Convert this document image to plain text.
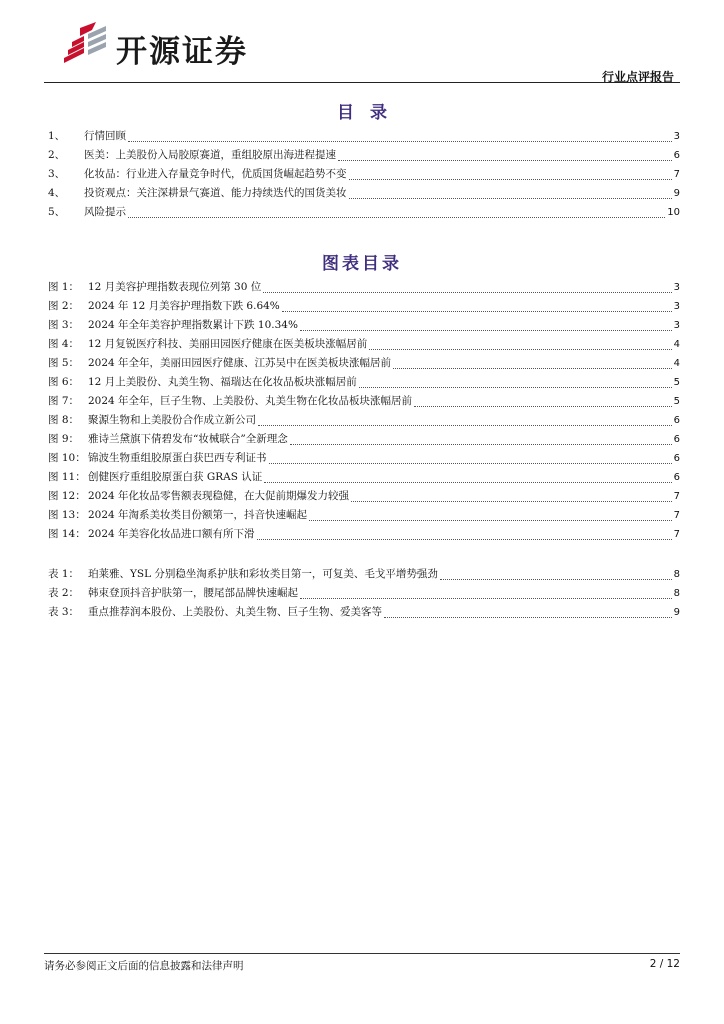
开源证券
行业点评报告
目录
1、	行情回顾	3
2、	医美：上美股份入局胶原赛道，重组胶原出海进程提速	6
3、	化妆品：行业进入存量竞争时代，优质国货崛起趋势不变	7
4、	投资观点：关注深耕景气赛道、能力持续迭代的国货美妆	9
5、	风险提示	10
图表目录
图 1： 12 月美容护理指数表现位列第 30 位	3
图 2： 2024 年 12 月美容护理指数下跌 6.64%	3
图 3： 2024 年全年美容护理指数累计下跌 10.34%	3
图 4： 12 月复锐医疗科技、美丽田园医疗健康在医美板块涨幅居前	4
图 5： 2024 年全年，美丽田园医疗健康、江苏吴中在医美板块涨幅居前	4
图 6： 12 月上美股份、丸美生物、福瑞达在化妆品板块涨幅居前	5
图 7： 2024 年全年，巨子生物、上美股份、丸美生物在化妆品板块涨幅居前	5
图 8： 聚源生物和上美股份合作成立新公司	6
图 9： 雅诗兰黛旗下倩碧发布“妆械联合”全新理念	6
图 10： 锦波生物重组胶原蛋白获巴西专利证书	6
图 11： 创健医疗重组胶原蛋白获 GRAS 认证	6
图 12： 2024 年化妆品零售额表现稳健，在大促前期爆发力较强	7
图 13： 2024 年淘系美妆类目份额第一，抖音快速崛起	7
图 14： 2024 年美容化妆品进口额有所下滑	7
表 1： 珀莱雅、YSL 分别稳坐淘系护肤和彩妆类目第一，可复美、毛戈平增势强劲	8
表 2： 韩束登顶抖音护肤第一，腰尾部品牌快速崛起	8
表 3： 重点推荐润本股份、上美股份、丸美生物、巨子生物、爱美客等	9
请务必参阅正文后面的信息披露和法律声明	2 / 12
